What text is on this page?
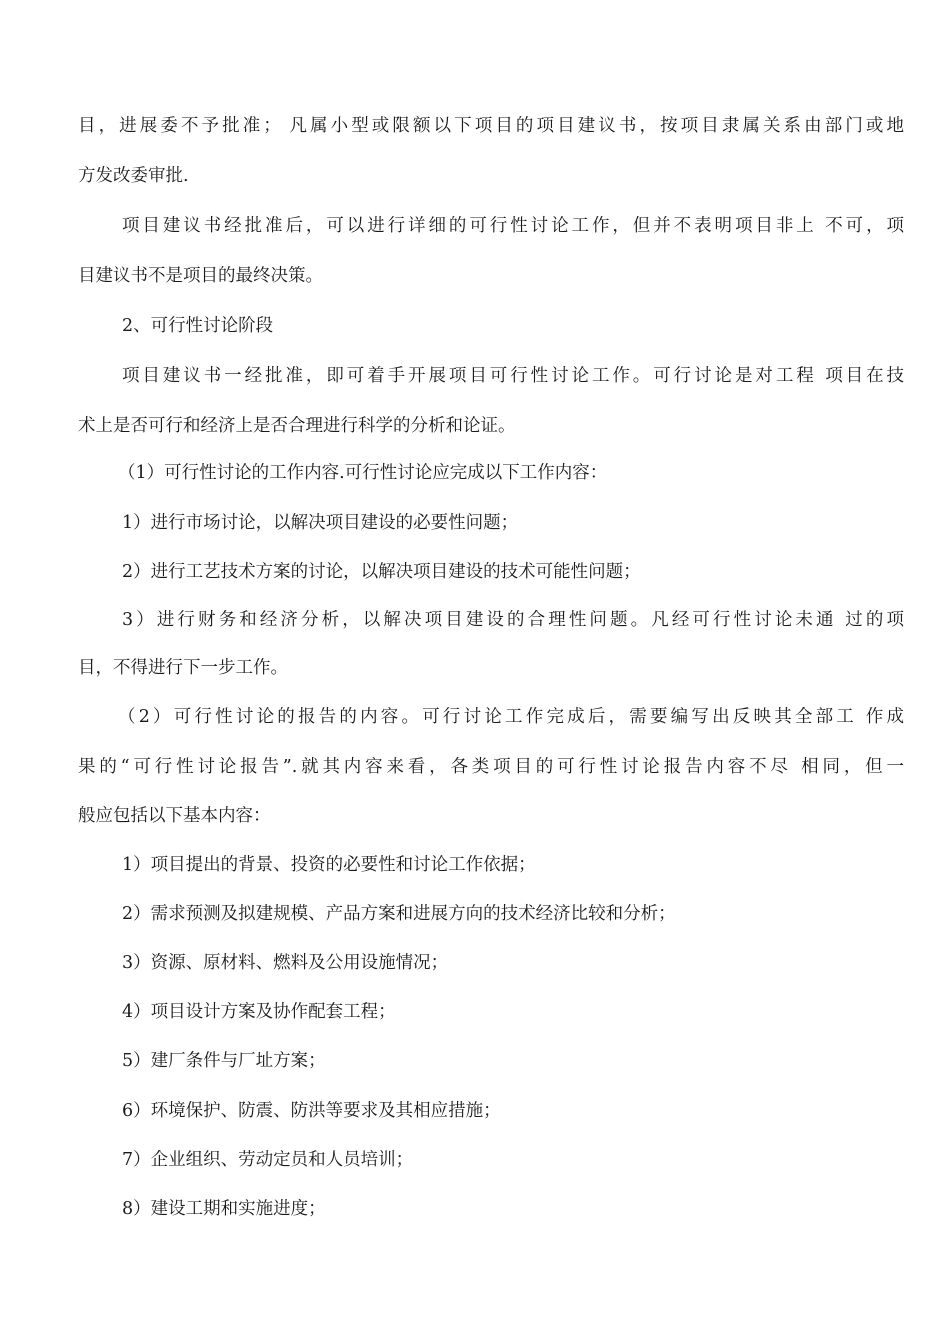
目，进展委不予批准； 凡属小型或限额以下项目的项目建议书，按项目隶属关系由部门或地
方发改委审批.
项目建议书经批准后，可以进行详细的可行性讨论工作，但并不表明项目非上 不可，项
目建议书不是项目的最终决策。
2、可行性讨论阶段
项目建议书一经批准，即可着手开展项目可行性讨论工作。可行讨论是对工程 项目在技
术上是否可行和经济上是否合理进行科学的分析和论证。
（1）可行性讨论的工作内容.可行性讨论应完成以下工作内容：
1）进行市场讨论，以解决项目建设的必要性问题；
2）进行工艺技术方案的讨论，以解决项目建设的技术可能性问题；
3）进行财务和经济分析，以解决项目建设的合理性问题。凡经可行性讨论未通 过的项
目，不得进行下一步工作。
（2）可行性讨论的报告的内容。可行讨论工作完成后，需要编写出反映其全部工 作成
果的“可行性讨论报告”.就其内容来看，各类项目的可行性讨论报告内容不尽 相同，但一
般应包括以下基本内容：
1）项目提出的背景、投资的必要性和讨论工作依据；
2）需求预测及拟建规模、产品方案和进展方向的技术经济比较和分析；
3）资源、原材料、燃料及公用设施情况；
4）项目设计方案及协作配套工程；
5）建厂条件与厂址方案；
6）环境保护、防震、防洪等要求及其相应措施；
7）企业组织、劳动定员和人员培训；
8）建设工期和实施进度；
